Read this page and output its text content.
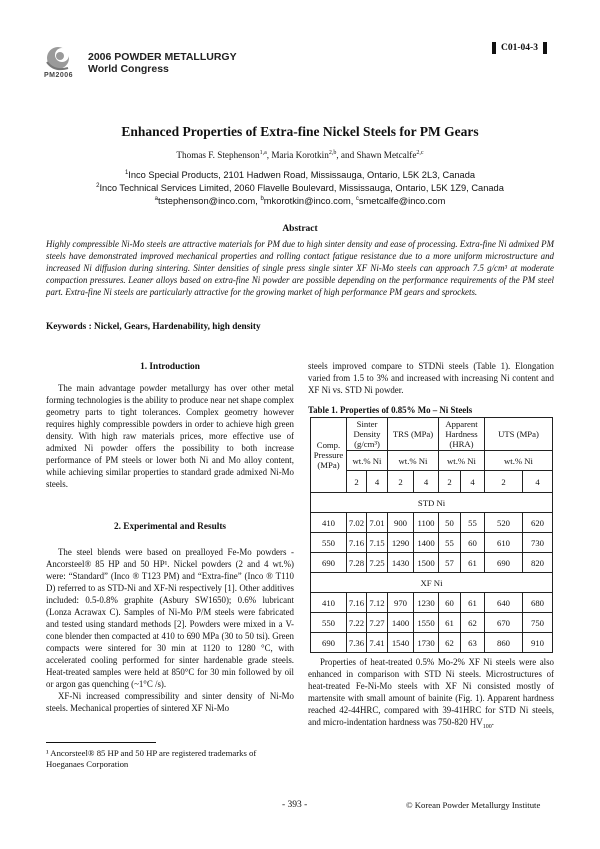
PM2006
2006 POWDER METALLURGY
World Congress
C01-04-3
Enhanced Properties of Extra-fine Nickel Steels for PM Gears
Thomas F. Stephenson$^{1,a}$, Maria Korotkin$^{2,b}$, and Shawn Metcalfe$^{2,c}$
$^1$Inco Special Products, 2101 Hadwen Road, Mississauga, Ontario, L5K 2L3, Canada
$^2$Inco Technical Services Limited, 2060 Flavelle Boulevard, Mississauga, Ontario, L5K 1Z9, Canada
$^a$tstephenson@inco.com, $^b$mkorotkin@inco.com, $^c$smetcalfe@inco.com
Abstract
Highly compressible Ni-Mo steels are attractive materials for PM due to high sinter density and ease of processing. Extra-fine Ni admixed PM steels have demonstrated improved mechanical properties and rolling contact fatigue resistance due to a more uniform microstructure and increased Ni diffusion during sintering. Sinter densities of single press single sinter XF Ni-Mo steels can approach 7.5 g/cm³ at moderate compaction pressures. Leaner alloys based on extra-fine Ni powder are possible depending on the performance requirements of the PM steel part. Extra-fine Ni steels are particularly attractive for the growing market of high performance PM gears and sprockets.
Keywords : Nickel, Gears, Hardenability, high density
1. Introduction

The main advantage powder metallurgy has over other metal forming technologies is the ability to produce near net shape complex geometry parts to tight tolerances. Complex geometry however requires highly compressible powders in order to achieve high green density. With high raw materials prices, more effective use of admixed Ni powder offers the possibility to both increase performance of PM steels or lower both Ni and Mo alloy content, while achieving similar properties to standard grade admixed Ni-Mo steels.

2. Experimental and Results

The steel blends were based on prealloyed Fe-Mo powders - Ancorsteel® 85 HP and 50 HP¹. Nickel powders (2 and 4 wt.%) were: “Standard” (Inco ® T123 PM) and “Extra-fine” (Inco ® T110 D) referred to as STD-Ni and XF-Ni respectively [1]. Other additives included: 0.5-0.8% graphite (Asbury SW1650); 0.6% lubricant (Lonza Acrawax C). Samples of Ni-Mo P/M steels were fabricated and tested using standard methods [2]. Powders were mixed in a V-cone blender then compacted at 410 to 690 MPa (30 to 50 tsi). Green compacts were sintered for 30 min at 1120 to 1280 °C, with accelerated cooling performed for sinter hardenable grade steels. Heat-treated samples were held at 850°C for 30 min followed by oil or argon gas quenching (~1°C /s).

XF-Ni increased compressibility and sinter density of Ni-Mo steels. Mechanical properties of sintered XF Ni-Mo

¹ Ancorsteel® 85 HP and 50 HP are registered trademarks of Hoeganaes Corporation

steels improved compare to STDNi steels (Table 1). Elongation varied from 1.5 to 3% and increased with increasing Ni content and XF Ni vs. STD Ni powder.

Table 1. Properties of 0.85% Mo – Ni Steels
Comp. Pressure (MPa)	Sinter Density (g/cm³)		TRS (MPa)		Apparent Hardness (HRA)		UTS (MPa)	
	wt.% Ni		wt.% Ni		wt.% Ni		wt.% Ni	
	2	4	2	4	2	4	2	4
STD Ni								
410	7.02	7.01	900	1100	50	55	520	620
550	7.16	7.15	1290	1400	55	60	610	730
690	7.28	7.25	1430	1500	57	61	690	820
XF Ni								
410	7.16	7.12	970	1230	60	61	640	680
550	7.22	7.27	1400	1550	61	62	670	750
690	7.36	7.41	1540	1730	62	63	860	910

Properties of heat-treated 0.5% Mo-2% XF Ni steels were also enhanced in comparison with STD Ni steels. Microstructures of heat-treated Fe-Ni-Mo steels with XF Ni consisted mostly of martensite with small amount of bainite (Fig. 1). Apparent hardness reached 42-44HRC, compared with 39-41HRC for STD Ni steels, and micro-indentation hardness was 750-820 $HV_{100}$.

- 393 -	© Korean Powder Metallurgy Institute
